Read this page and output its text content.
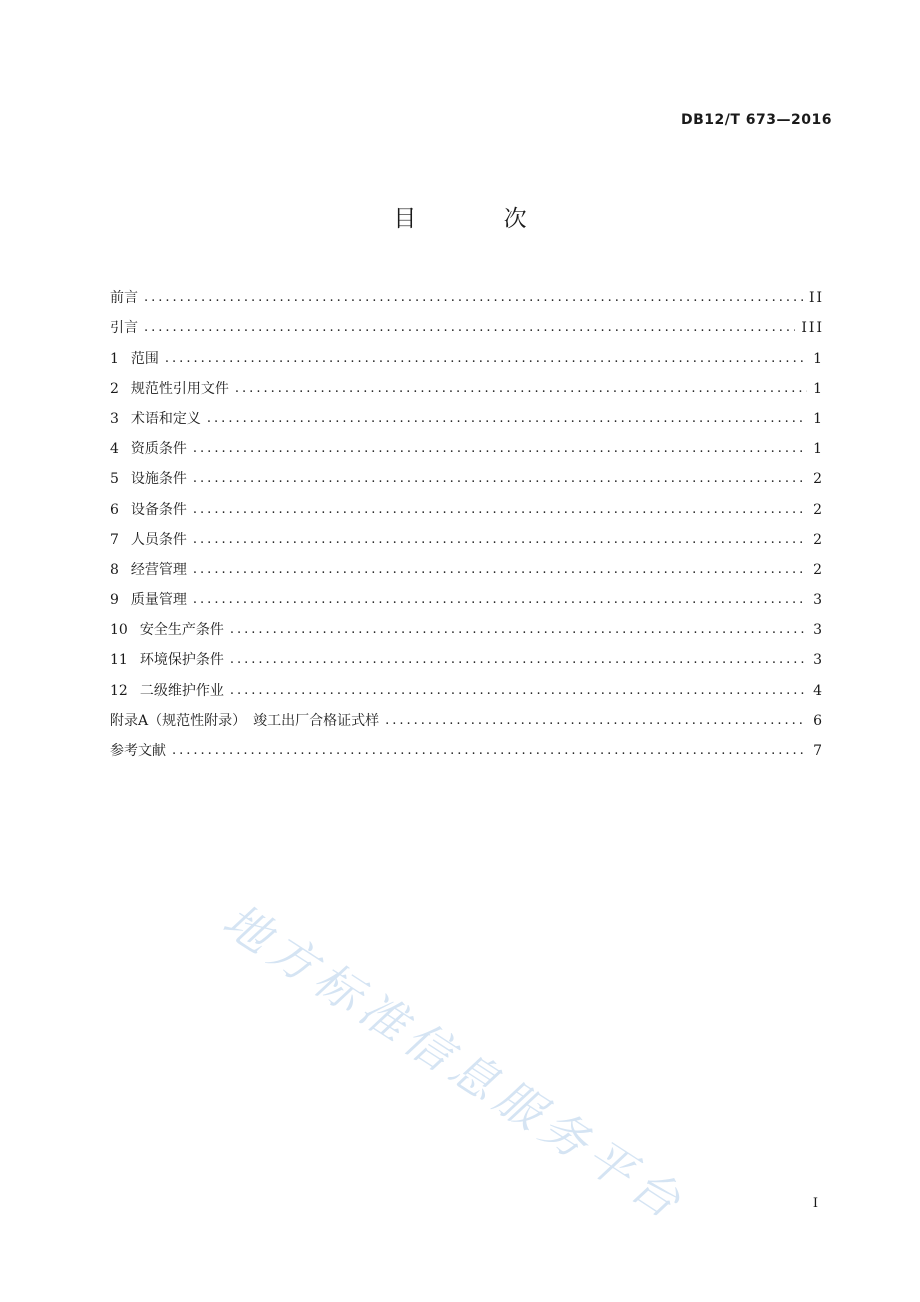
DB12/T 673—2016
目 次
前言 .....	II
引言 .....	III
1 范围 .....	1
2 规范性引用文件 .....	1
3 术语和定义 .....	1
4 资质条件 .....	1
5 设施条件 .....	2
6 设备条件 .....	2
7 人员条件 .....	2
8 经营管理 .....	2
9 质量管理 .....	3
10 安全生产条件 .....	3
11 环境保护条件 .....	3
12 二级维护作业 .....	4
附录A（规范性附录）　竣工出厂合格证式样 .....	6
参考文献 .....	7
地方标准信息服务平台	I
